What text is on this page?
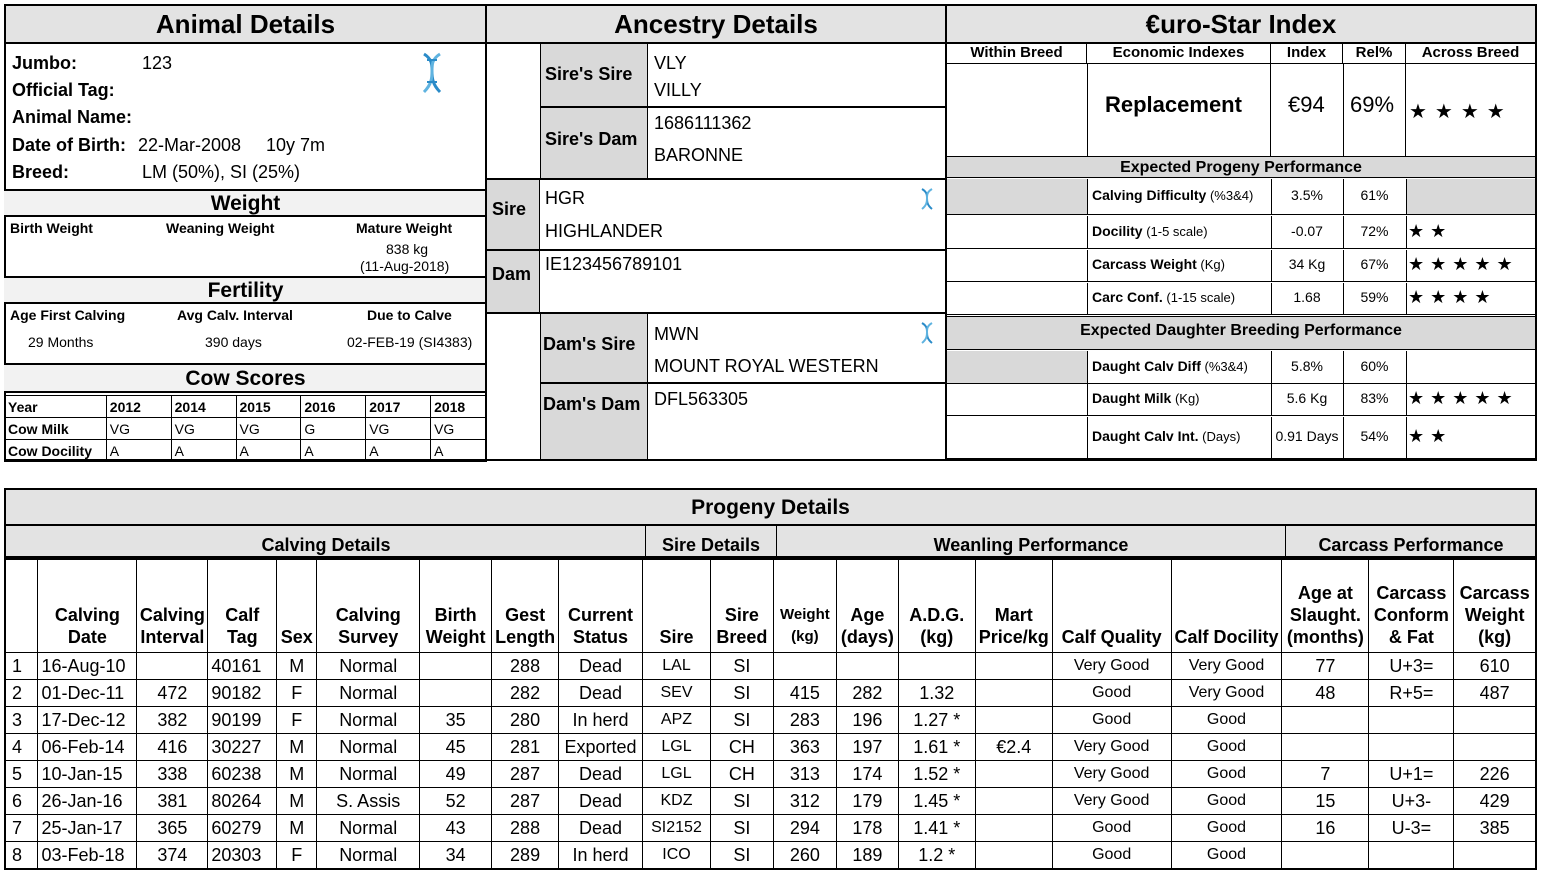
Animal Details	Ancestry Details	€uro-Star Index
Jumbo:	123
Official Tag:
Animal Name:
Date of Birth: 22-Mar-2008 10y 7m
Breed:	LM (50%), SI (25%)
Weight
Birth Weight	Weaning Weight	Mature Weight
838 kg
(11-Aug-2018)
Fertility
Age First Calving	Avg Calv. Interval	Due to Calve
29 Months	390 days	02-FEB-19 (SI4383)
Cow Scores
Year	2012	2014	2015	2016	2017	2018
Cow Milk	VG	VG	VG	G	VG	VG
Cow Docility	A	A	A	A	A	A
Sire's Sire
VLY
VILLY
Sire's Dam
1686111362
BARONNE
Sire
HGR
HIGHLANDER
Dam IE123456789101
Dam's Sire MWN
MOUNT ROYAL WESTERN
Dam's Dam DFL563305
Within Breed	Economic Indexes	Index	Rel%	Across Breed
Replacement €94 69% ★★★★
Expected Progeny Performance
Calving Difficulty (%3&4)	3.5%	61%
Docility (1-5 scale)	-0.07	72%	★★
Carcass Weight (Kg)	34 Kg	67%	★★★★★
Carc Conf. (1-15 scale)	1.68	59%	★★★★
Expected Daughter Breeding Performance
Daught Calv Diff (%3&4)	5.8%	60%
Daught Milk (Kg)	5.6 Kg	83%	★★★★★
Daught Calv Int. (Days)	0.91 Days	54%	★★
Progeny Details
Calving Details	Sire Details	Weanling Performance	Carcass Performance
	Calving Date	Calving Interval	Calf Tag	Sex	Calving Survey	Birth Weight	Gest Length	Current Status	Sire	Sire Breed	Weight (kg)	Age (days)	A.D.G. (kg)	Mart Price/kg	Calf Quality	Calf Docility	Age at Slaught. (months)	Carcass Conform & Fat	Carcass Weight (kg)
1	16-Aug-10		40161	M	Normal		288	Dead	LAL	SI					Very Good	Very Good	77	U+3=	610
2	01-Dec-11	472	90182	F	Normal		282	Dead	SEV	SI	415	282	1.32		Good	Very Good	48	R+5=	487
3	17-Dec-12	382	90199	F	Normal	35	280	In herd	APZ	SI	283	196	1.27 *		Good	Good			
4	06-Feb-14	416	30227	M	Normal	45	281	Exported	LGL	CH	363	197	1.61 *	€2.4	Very Good	Good			
5	10-Jan-15	338	60238	M	Normal	49	287	Dead	LGL	CH	313	174	1.52 *		Very Good	Good	7	U+1=	226
6	26-Jan-16	381	80264	M	S. Assis	52	287	Dead	KDZ	SI	312	179	1.45 *		Very Good	Good	15	U+3-	429
7	25-Jan-17	365	60279	M	Normal	43	288	Dead	SI2152	SI	294	178	1.41 *		Good	Good	16	U-3=	385
8	03-Feb-18	374	20303	F	Normal	34	289	In herd	ICO	SI	260	189	1.2 *		Good	Good			
